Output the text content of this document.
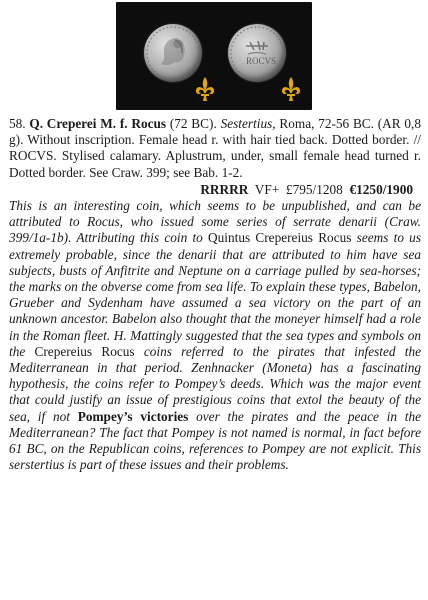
ROCVS

58. Q. Creperei M. f. Rocus (72 BC). Sestertius, Roma, 72-56 BC. (AR 0,8 g). Without inscription. Female head r. with hair tied back. Dotted border. // ROCVS. Stylised calamary. Aplustrum, under, small female head turned r. Dotted border. See Craw. 399; see Bab. 1-2.

RRRRR VF+ £795/1208 €1250/1900

This is an interesting coin, which seems to be unpublished, and can be attributed to Rocus, who issued some series of serrate denarii (Craw. 399/1a-1b). Attributing this coin to Quintus Crepereius Rocus seems to us extremely probable, since the denarii that are attributed to him have sea subjects, busts of Anfitrite and Neptune on a carriage pulled by sea-horses; the marks on the obverse come from sea life. To explain these types, Babelon, Grueber and Sydenham have assumed a sea victory on the part of an unknown ancestor. Babelon also thought that the moneyer himself had a role in the Roman fleet. H. Mattingly suggested that the sea types and symbols on the Crepereius Rocus coins referred to the pirates that infested the Mediterranean in that period. Zenhnacker (Moneta) has a fascinating hypothesis, the coins refer to Pompey’s deeds. Which was the major event that could justify an issue of prestigious coins that extol the beauty of the sea, if not Pompey’s victories over the pirates and the peace in the Mediterranean? The fact that Pompey is not named is normal, in fact before 61 BC, on the Republican coins, references to Pompey are not explicit. This serstertius is part of these issues and their problems.
